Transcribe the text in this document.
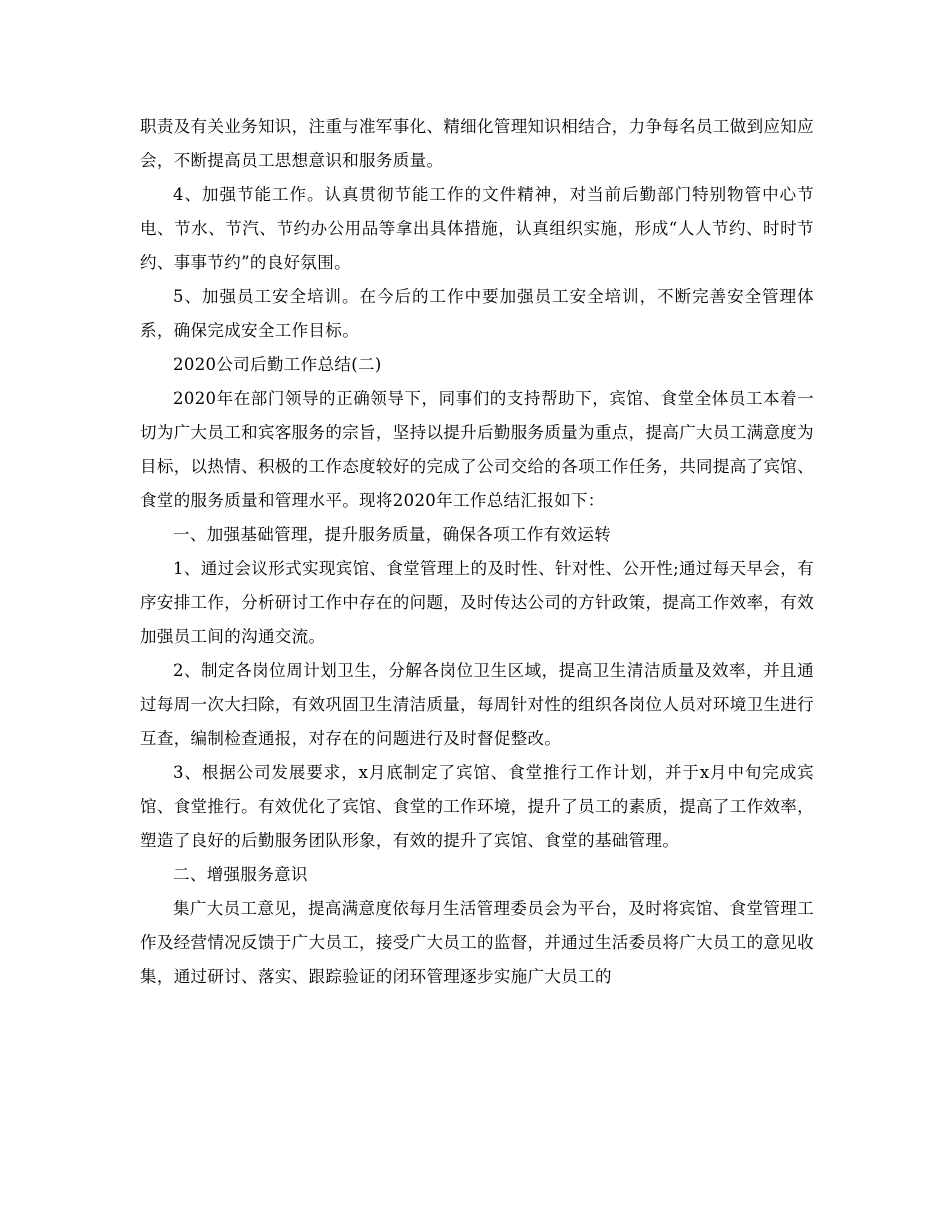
职责及有关业务知识，注重与准军事化、精细化管理知识相结合，力争每名员工做到应知应会，不断提高员工思想意识和服务质量。

4、加强节能工作。认真贯彻节能工作的文件精神，对当前后勤部门特别物管中心节电、节水、节汽、节约办公用品等拿出具体措施，认真组织实施，形成“人人节约、时时节约、事事节约”的良好氛围。

5、加强员工安全培训。在今后的工作中要加强员工安全培训，不断完善安全管理体系，确保完成安全工作目标。

2020公司后勤工作总结(二)

2020年在部门领导的正确领导下，同事们的支持帮助下，宾馆、食堂全体员工本着一切为广大员工和宾客服务的宗旨，坚持以提升后勤服务质量为重点，提高广大员工满意度为目标，以热情、积极的工作态度较好的完成了公司交给的各项工作任务，共同提高了宾馆、食堂的服务质量和管理水平。现将2020年工作总结汇报如下：

一、加强基础管理，提升服务质量，确保各项工作有效运转

1、通过会议形式实现宾馆、食堂管理上的及时性、针对性、公开性;通过每天早会，有序安排工作，分析研讨工作中存在的问题，及时传达公司的方针政策，提高工作效率，有效加强员工间的沟通交流。

2、制定各岗位周计划卫生，分解各岗位卫生区域，提高卫生清洁质量及效率，并且通过每周一次大扫除，有效巩固卫生清洁质量，每周针对性的组织各岗位人员对环境卫生进行互查，编制检查通报，对存在的问题进行及时督促整改。

3、根据公司发展要求，x月底制定了宾馆、食堂推行工作计划，并于x月中旬完成宾馆、食堂推行。有效优化了宾馆、食堂的工作环境，提升了员工的素质，提高了工作效率，塑造了良好的后勤服务团队形象，有效的提升了宾馆、食堂的基础管理。

二、增强服务意识

集广大员工意见，提高满意度依每月生活管理委员会为平台，及时将宾馆、食堂管理工作及经营情况反馈于广大员工，接受广大员工的监督，并通过生活委员将广大员工的意见收集，通过研讨、落实、跟踪验证的闭环管理逐步实施广大员工的
